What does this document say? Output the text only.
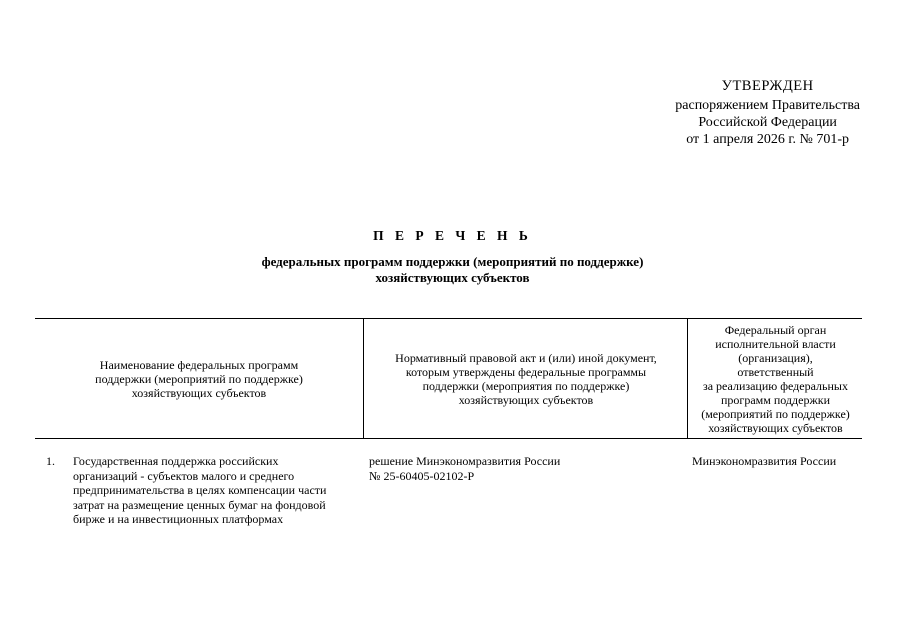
УТВЕРЖДЕН
распоряжением Правительства
Российской Федерации
от 1 апреля 2026 г. № 701-р
П Е Р Е Ч Е Н Ь
федеральных программ поддержки (мероприятий по поддержке)
хозяйствующих субъектов
Наименование федеральных программ
поддержки (мероприятий по поддержке)
хозяйствующих субъектов
Нормативный правовой акт и (или) иной документ,
которым утверждены федеральные программы
поддержки (мероприятия по поддержке)
хозяйствующих субъектов
Федеральный орган
исполнительной власти
(организация),
ответственный
за реализацию федеральных
программ поддержки
(мероприятий по поддержке)
хозяйствующих субъектов
1. Государственная поддержка российских
организаций - субъектов малого и среднего
предпринимательства в целях компенсации части
затрат на размещение ценных бумаг на фондовой
бирже и на инвестиционных платформах
решение Минэкономразвития России
№ 25-60405-02102-Р
Минэкономразвития России
